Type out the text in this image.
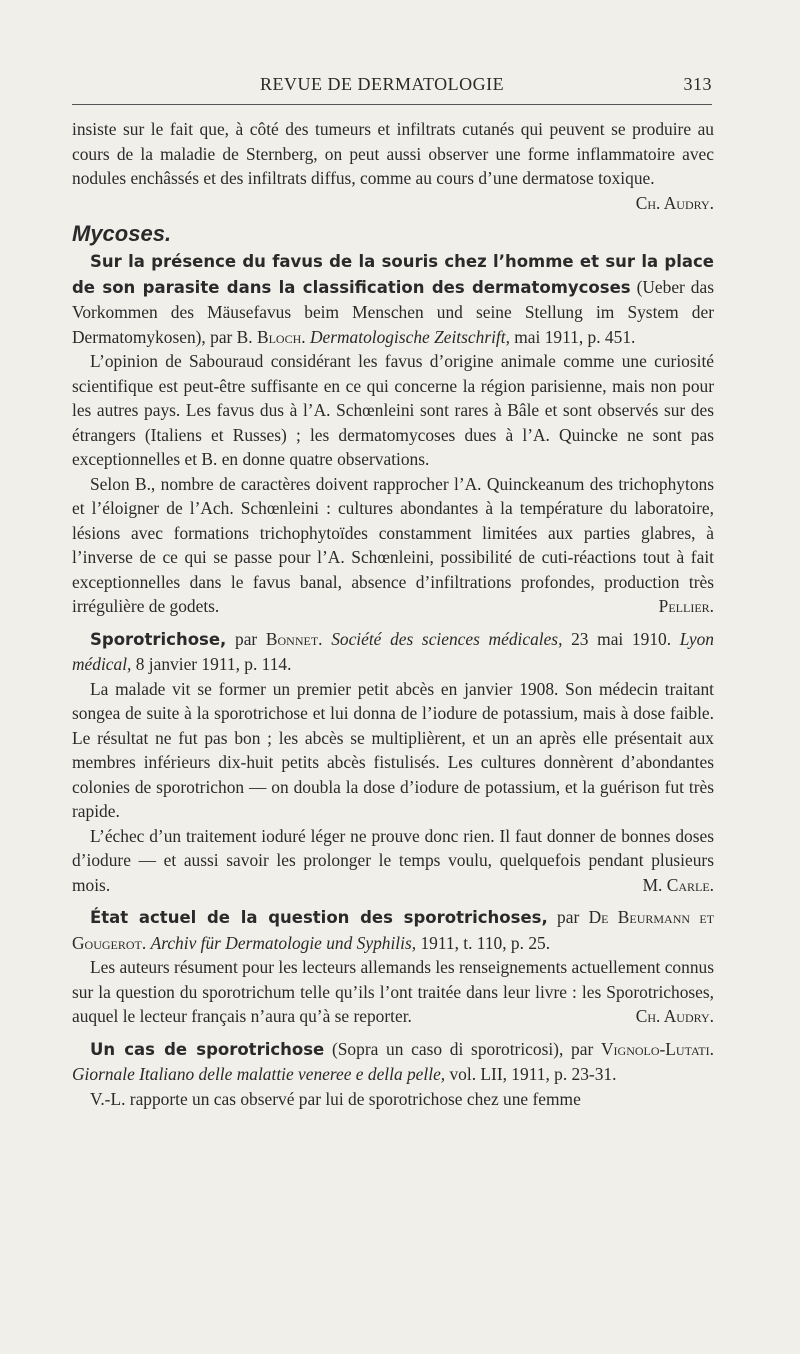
REVUE DE DERMATOLOGIE	313

insiste sur le fait que, à côté des tumeurs et infiltrats cutanés qui peuvent se produire au cours de la maladie de Sternberg, on peut aussi observer une forme inflammatoire avec nodules enchâssés et des infiltrats diffus, comme au cours d’une dermatose toxique.
Ch. Audry.

Mycoses.

Sur la présence du favus de la souris chez l’homme et sur la place de son parasite dans la classification des dermatomycoses (Ueber das Vorkommen des Mäusefavus beim Menschen und seine Stellung im System der Dermatomykosen), par B. Bloch. Dermatologische Zeitschrift, mai 1911, p. 451.

L’opinion de Sabouraud considérant les favus d’origine animale comme une curiosité scientifique est peut-être suffisante en ce qui concerne la région parisienne, mais non pour les autres pays. Les favus dus à l’A. Schœnleini sont rares à Bâle et sont observés sur des étrangers (Italiens et Russes) ; les dermatomycoses dues à l’A. Quincke ne sont pas exceptionnelles et B. en donne quatre observations.

Selon B., nombre de caractères doivent rapprocher l’A. Quinckeanum des trichophytons et l’éloigner de l’Ach. Schœnleini : cultures abondantes à la température du laboratoire, lésions avec formations trichophytoïdes constamment limitées aux parties glabres, à l’inverse de ce qui se passe pour l’A. Schœnleini, possibilité de cuti-réactions tout à fait exceptionnelles dans le favus banal, absence d’infiltrations profondes, production très irrégulière de godets.	Pellier.

Sporotrichose, par Bonnet. Société des sciences médicales, 23 mai 1910. Lyon médical, 8 janvier 1911, p. 114.

La malade vit se former un premier petit abcès en janvier 1908. Son médecin traitant songea de suite à la sporotrichose et lui donna de l’iodure de potassium, mais à dose faible. Le résultat ne fut pas bon ; les abcès se multiplièrent, et un an après elle présentait aux membres inférieurs dix-huit petits abcès fistulisés. Les cultures donnèrent d’abondantes colonies de sporotrichon — on doubla la dose d’iodure de potassium, et la guérison fut très rapide.

L’échec d’un traitement ioduré léger ne prouve donc rien. Il faut donner de bonnes doses d’iodure — et aussi savoir les prolonger le temps voulu, quelquefois pendant plusieurs mois.	M. Carle.

État actuel de la question des sporotrichoses, par De Beurmann et Gougerot. Archiv für Dermatologie und Syphilis, 1911, t. 110, p. 25.

Les auteurs résument pour les lecteurs allemands les renseignements actuellement connus sur la question du sporotrichum telle qu’ils l’ont traitée dans leur livre : les Sporotrichoses, auquel le lecteur français n’aura qu’à se reporter.	Ch. Audry.

Un cas de sporotrichose (Sopra un caso di sporotricosi), par Vignolo-Lutati. Giornale Italiano delle malattie veneree e della pelle, vol. LII, 1911, p. 23-31.

V.-L. rapporte un cas observé par lui de sporotrichose chez une femme
